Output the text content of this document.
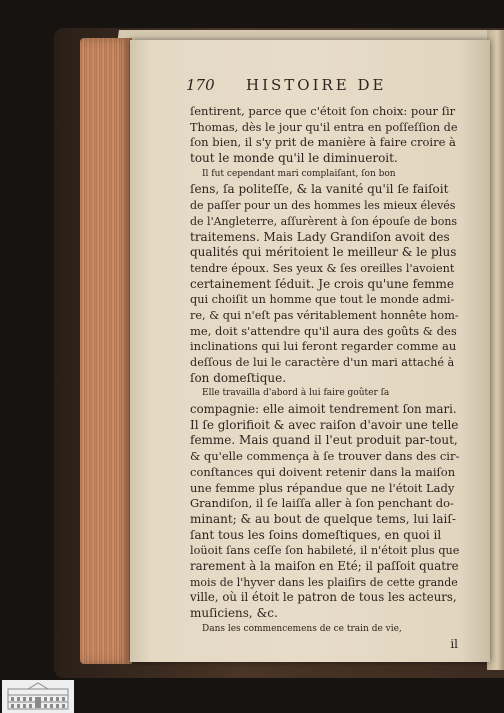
170 HISTOIRE DE
ſentirent, parce que c'étoit ſon choix: pour ſir
Thomas, dès le jour qu'il entra en poſſeſſion de
ſon bien, il s'y prit de manière à faire croire à
tout le monde qu'il le diminueroit.
Il fut cependant mari complaiſant, ſon bon
ſens, ſa politeſſe, & la vanité qu'il ſe faiſoit
de paſſer pour un des hommes les mieux élevés
de l'Angleterre, aſſurèrent à ſon épouſe de bons
traitemens. Mais Lady Grandiſon avoit des
qualités qui méritoient le meilleur & le plus
tendre époux. Ses yeux & ſes oreilles l'avoient
certainement ſéduit. Je crois qu'une femme
qui choiſit un homme que tout le monde admi-
re, & qui n'eſt pas véritablement honnête hom-
me, doit s'attendre qu'il aura des goûts & des
inclinations qui lui feront regarder comme au
deſſous de lui le caractère d'un mari attaché à
ſon domeſtique.
Elle travailla d'abord à lui faire goûter ſa
compagnie: elle aimoit tendrement ſon mari.
Il ſe glorifioit & avec raiſon d'avoir une telle
femme. Mais quand il l'eut produit par-tout,
& qu'elle commença à ſe trouver dans des cir-
conſtances qui doivent retenir dans la maiſon
une femme plus répandue que ne l'étoit Lady
Grandiſon, il ſe laiſſa aller à ſon penchant do-
minant; & au bout de quelque tems, lui laiſ-
ſant tous les ſoins domeſtiques, en quoi il
loüoit ſans ceſſe ſon habileté, il n'étoit plus que
rarement à la maiſon en Eté; il paſſoit quatre
mois de l'hyver dans les plaiſirs de cette grande
ville, où il étoit le patron de tous les acteurs,
muſiciens, &c.
Dans les commencemens de ce train de vie,
il
